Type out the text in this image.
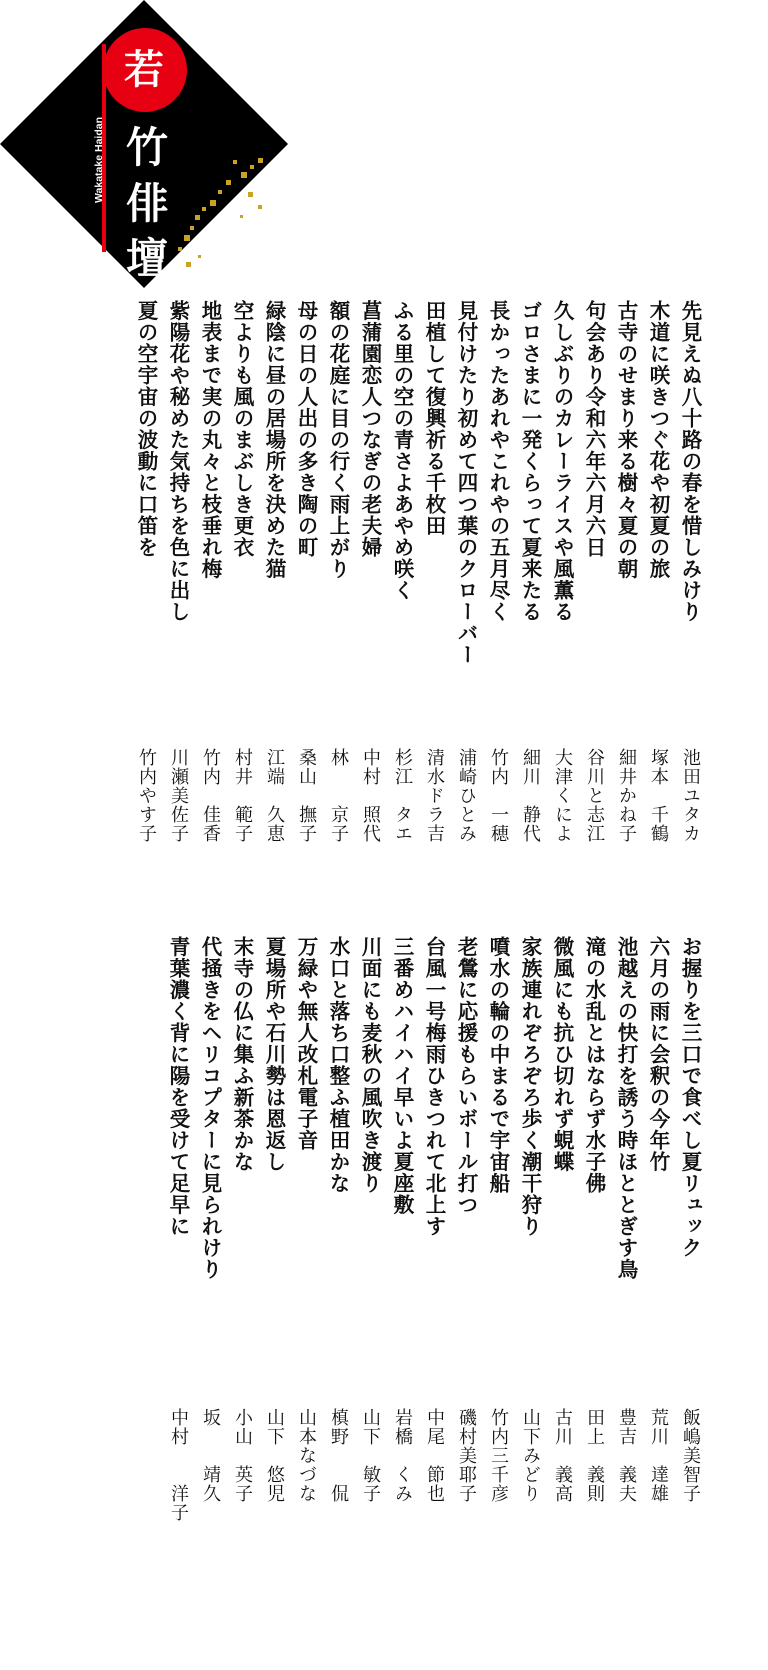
若
竹
俳
壇
Wakatake Haidan
先見えぬ八十路の春を惜しみけり
木道に咲きつぐ花や初夏の旅
古寺のせまり来る樹々夏の朝
句会あり令和六年六月六日
久しぶりのカレーライスや風薫る
ゴロさまに一発くらって夏来たる
長かったあれやこれやの五月尽く
見付けたり初めて四つ葉のクローバー
田植して復興祈る千枚田
ふる里の空の青さよあやめ咲く
菖蒲園恋人つなぎの老夫婦
額の花庭に目の行く雨上がり
母の日の人出の多き陶の町
緑陰に昼の居場所を決めた猫
空よりも風のまぶしき更衣
地表まで実の丸々と枝垂れ梅
紫陽花や秘めた気持ちを色に出し
夏の空宇宙の波動に口笛を
池田ユタカ
塚本　千鶴
細井かね子
谷川と志江
大津くによ
細川　静代
竹内　一穂
浦崎ひとみ
清水ドラ吉
杉江　タエ
中村　照代
林　　京子
桑山　撫子
江端　久恵
村井　範子
竹内　佳香
川瀬美佐子
竹内やす子
お握りを三口で食べし夏リュック
六月の雨に会釈の今年竹
池越えの快打を誘う時ほととぎす鳥
滝の水乱とはならず水子佛
微風にも抗ひ切れず蜆蝶
家族連れぞろぞろ歩く潮干狩り
噴水の輪の中まるで宇宙船
老鶯に応援もらいボール打つ
台風一号梅雨ひきつれて北上す
三番めハイハイ早いよ夏座敷
川面にも麦秋の風吹き渡り
水口と落ち口整ふ植田かな
万緑や無人改札電子音
夏場所や石川勢は恩返し
末寺の仏に集ふ新茶かな
代掻きをヘリコプターに見られけり
青葉濃く背に陽を受けて足早に
飯嶋美智子
荒川　達雄
豊吉　義夫
田上　義則
古川　義高
山下みどり
竹内三千彦
磯村美耶子
中尾　節也
岩橋　くみ
山下　敏子
槙野　　侃
山本なづな
山下　悠児
小山　英子
坂　　靖久
中村　　洋子
